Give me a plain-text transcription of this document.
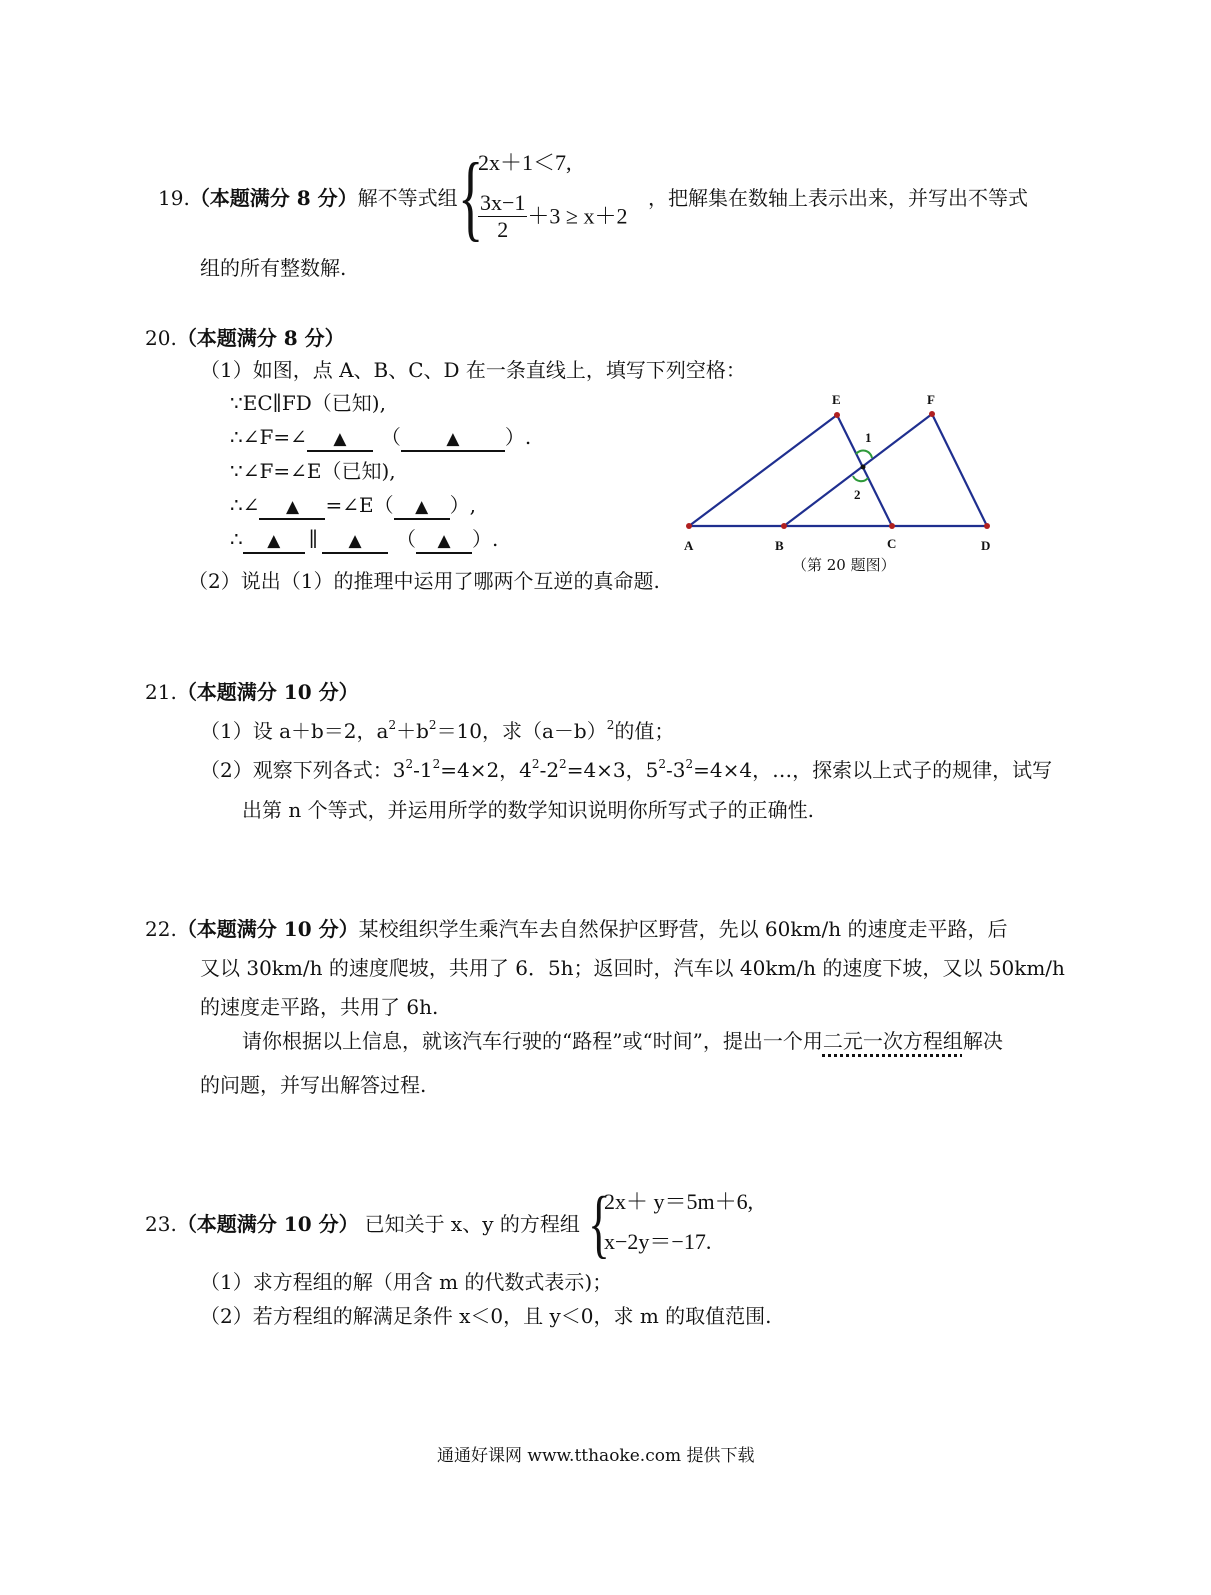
19.（本题满分 8 分）解不等式组 {
2x＋1＜7,
$\frac{3x-1}{2} +3 \ge x+2$
，把解集在数轴上表示出来，并写出不等式
组的所有整数解.
20.（本题满分 8 分）
（1）如图，点 A、B、C、D 在一条直线上，填写下列空格：
∵EC∥FD（已知),
∴∠F=∠ ▲ （	▲ ）.
∵∠F=∠E（已知),
∴∠ ▲ =∠E（ ▲ ）,
∴ ▲ ∥ ▲ （ ▲ ）.
（2）说出（1）的推理中运用了哪两个互逆的真命题.
A	B	C	D
E	F
1
2
（第 20 题图）
21.（本题满分 10 分）
（1）设 a＋b＝2，$a^2+b^2=10$，求$(a-b)^2$的值；
（2）观察下列各式：$3^2-1^2=4\times 2$，$4^2-2^2=4\times 3$，$5^2-3^2=4\times 4$，…，探索以上式子的规律，试写
出第 n 个等式，并运用所学的数学知识说明你所写式子的正确性.
22.（本题满分 10 分）某校组织学生乘汽车去自然保护区野营，先以 60km/h 的速度走平路，后
又以 30km/h 的速度爬坡，共用了 6．5h；返回时，汽车以 40km/h 的速度下坡，又以 50km/h
的速度走平路，共用了 6h.
请你根据以上信息，就该汽车行驶的“路程”或“时间”，提出一个用二元一次方程组解决
的问题，并写出解答过程.
23.（本题满分 10 分） 已知关于 x、y 的方程组 {
2x＋ y＝5m＋6,
x−2y＝−17.
（1）求方程组的解（用含 m 的代数式表示)；
（2）若方程组的解满足条件 x＜0，且 y＜0，求 m 的取值范围.
通通好课网 www.tthaoke.com 提供下载
